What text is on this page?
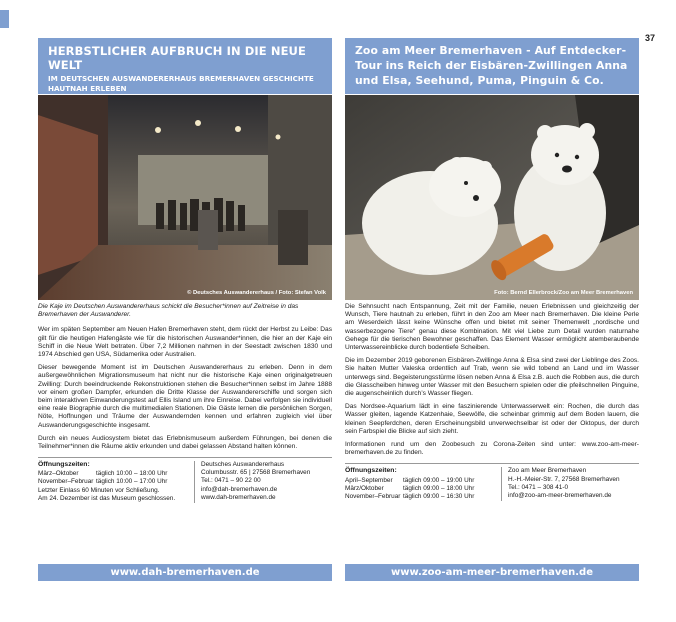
37
HERBSTLICHER AUFBRUCH IN DIE NEUE WELT
IM DEUTSCHEN AUSWANDERERHAUS BREMERHAVEN GESCHICHTE HAUTNAH ERLEBEN
© Deutsches Auswandererhaus / Foto: Stefan Volk
Die Kaje im Deutschen Auswandererhaus schickt die Besucher*innen auf Zeitreise in das Bremerhaven der Auswanderer.

Wer im späten September am Neuen Hafen Bremerhaven steht, dem rückt der Herbst zu Leibe: Das gilt für die heutigen Hafengäste wie für die historischen Auswander*innen, die hier an der Kaje ein Schiff in die Neue Welt betraten. Über 7,2 Millionen nahmen in der Seestadt zwischen 1830 und 1974 Abschied gen USA, Südamerika oder Australien.

Dieser bewegende Moment ist im Deutschen Auswandererhaus zu erleben. Denn in dem außergewöhnlichen Migrationsmuseum hat nicht nur die historische Kaje einen originalgetreuen Zwilling: Durch beeindruckende Rekonstruktionen stehen die Besucher*innen selbst im Jahre 1888 vor einem großen Dampfer, erkunden die Dritte Klasse der Auswandererschiffe und sorgen sich beim interaktiven Einwanderungstest auf Ellis Island um ihre Einreise. Dabei verfolgen sie individuell eine reale Biographie durch die multimedialen Stationen. Die Gäste lernen die persönlichen Sorgen, Nöte, Hoffnungen und Träume der Auswandernden kennen und erfahren zugleich viel über Auswanderungsgeschichte insgesamt.

Durch ein neues Audiosystem bietet das Erlebnismuseum außerdem Führungen, bei denen die Teilnehmer*innen die Räume aktiv erkunden und dabei gelassen Abstand halten können.

Öffnungszeiten:
März–Oktober	täglich 10:00 – 18:00 Uhr
November–Februar täglich 10:00 – 17:00 Uhr
Letzter Einlass 60 Minuten vor Schließung.
Am 24. Dezember ist das Museum geschlossen.
Deutsches Auswandererhaus
Columbusstr. 65 | 27568 Bremerhaven
Tel.: 0471 – 90 22 00
info@dah-bremerhaven.de
www.dah-bremerhaven.de
www.dah-bremerhaven.de
Zoo am Meer Bremerhaven - Auf Entdecker-Tour ins Reich der Eisbären-Zwillingen Anna und Elsa, Seehund, Puma, Pinguin & Co.
Foto: Bernd Ellerbrock/Zoo am Meer Bremerhaven

Die Sehnsucht nach Entspannung, Zeit mit der Familie, neuen Erlebnissen und gleichzeitig der Wunsch, Tiere hautnah zu erleben, führt in den Zoo am Meer nach Bremerhaven. Die kleine Perle am Weserdeich lässt keine Wünsche offen und bietet mit seiner Themenwelt „nordische und wasserbezogene Tiere“ genau diese Kombination. Mit viel Liebe zum Detail wurden naturnahe Gehege für die tierischen Bewohner geschaffen. Das Element Wasser ermöglicht atemberaubende Unterwassereinblicke durch bodentiefe Scheiben.

Die im Dezember 2019 geborenen Eisbären-Zwillinge Anna & Elsa sind zwei der Lieblinge des Zoos. Sie halten Mutter Valeska ordentlich auf Trab, wenn sie wild tobend an Land und im Wasser unterwegs sind. Begeisterungsstürme lösen neben Anna & Elsa z.B. auch die Robben aus, die durch die Glasscheiben hinweg unter Wasser mit den Besuchern spielen oder die pfeilschnellen Pinguine, die augenscheinlich durch’s Wasser fliegen.

Das Nordsee-Aquarium lädt in eine faszinierende Unterwasserwelt ein: Rochen, die durch das Wasser gleiten, lagende Katzenhaie, Seewölfe, die scheinbar grimmig auf dem Boden lauern, die kleinen Seepferdchen, deren Erscheinungsbild unverwechselbar ist oder der Oktopus, der durch sein Farbspiel die Blicke auf sich zieht.

Informationen rund um den Zoobesuch zu Corona-Zeiten sind unter: www.zoo-am-meer-bremerhaven.de zu finden.

Öffnungszeiten:
April–September	täglich 09:00 – 19:00 Uhr
März/Oktober	täglich 09:00 – 18:00 Uhr
November–Februar täglich 09:00 – 16:30 Uhr
Zoo am Meer Bremerhaven
H.-H.-Meier-Str. 7, 27568 Bremerhaven
Tel.: 0471 – 308 41-0
info@zoo-am-meer-bremerhaven.de
www.zoo-am-meer-bremerhaven.de
